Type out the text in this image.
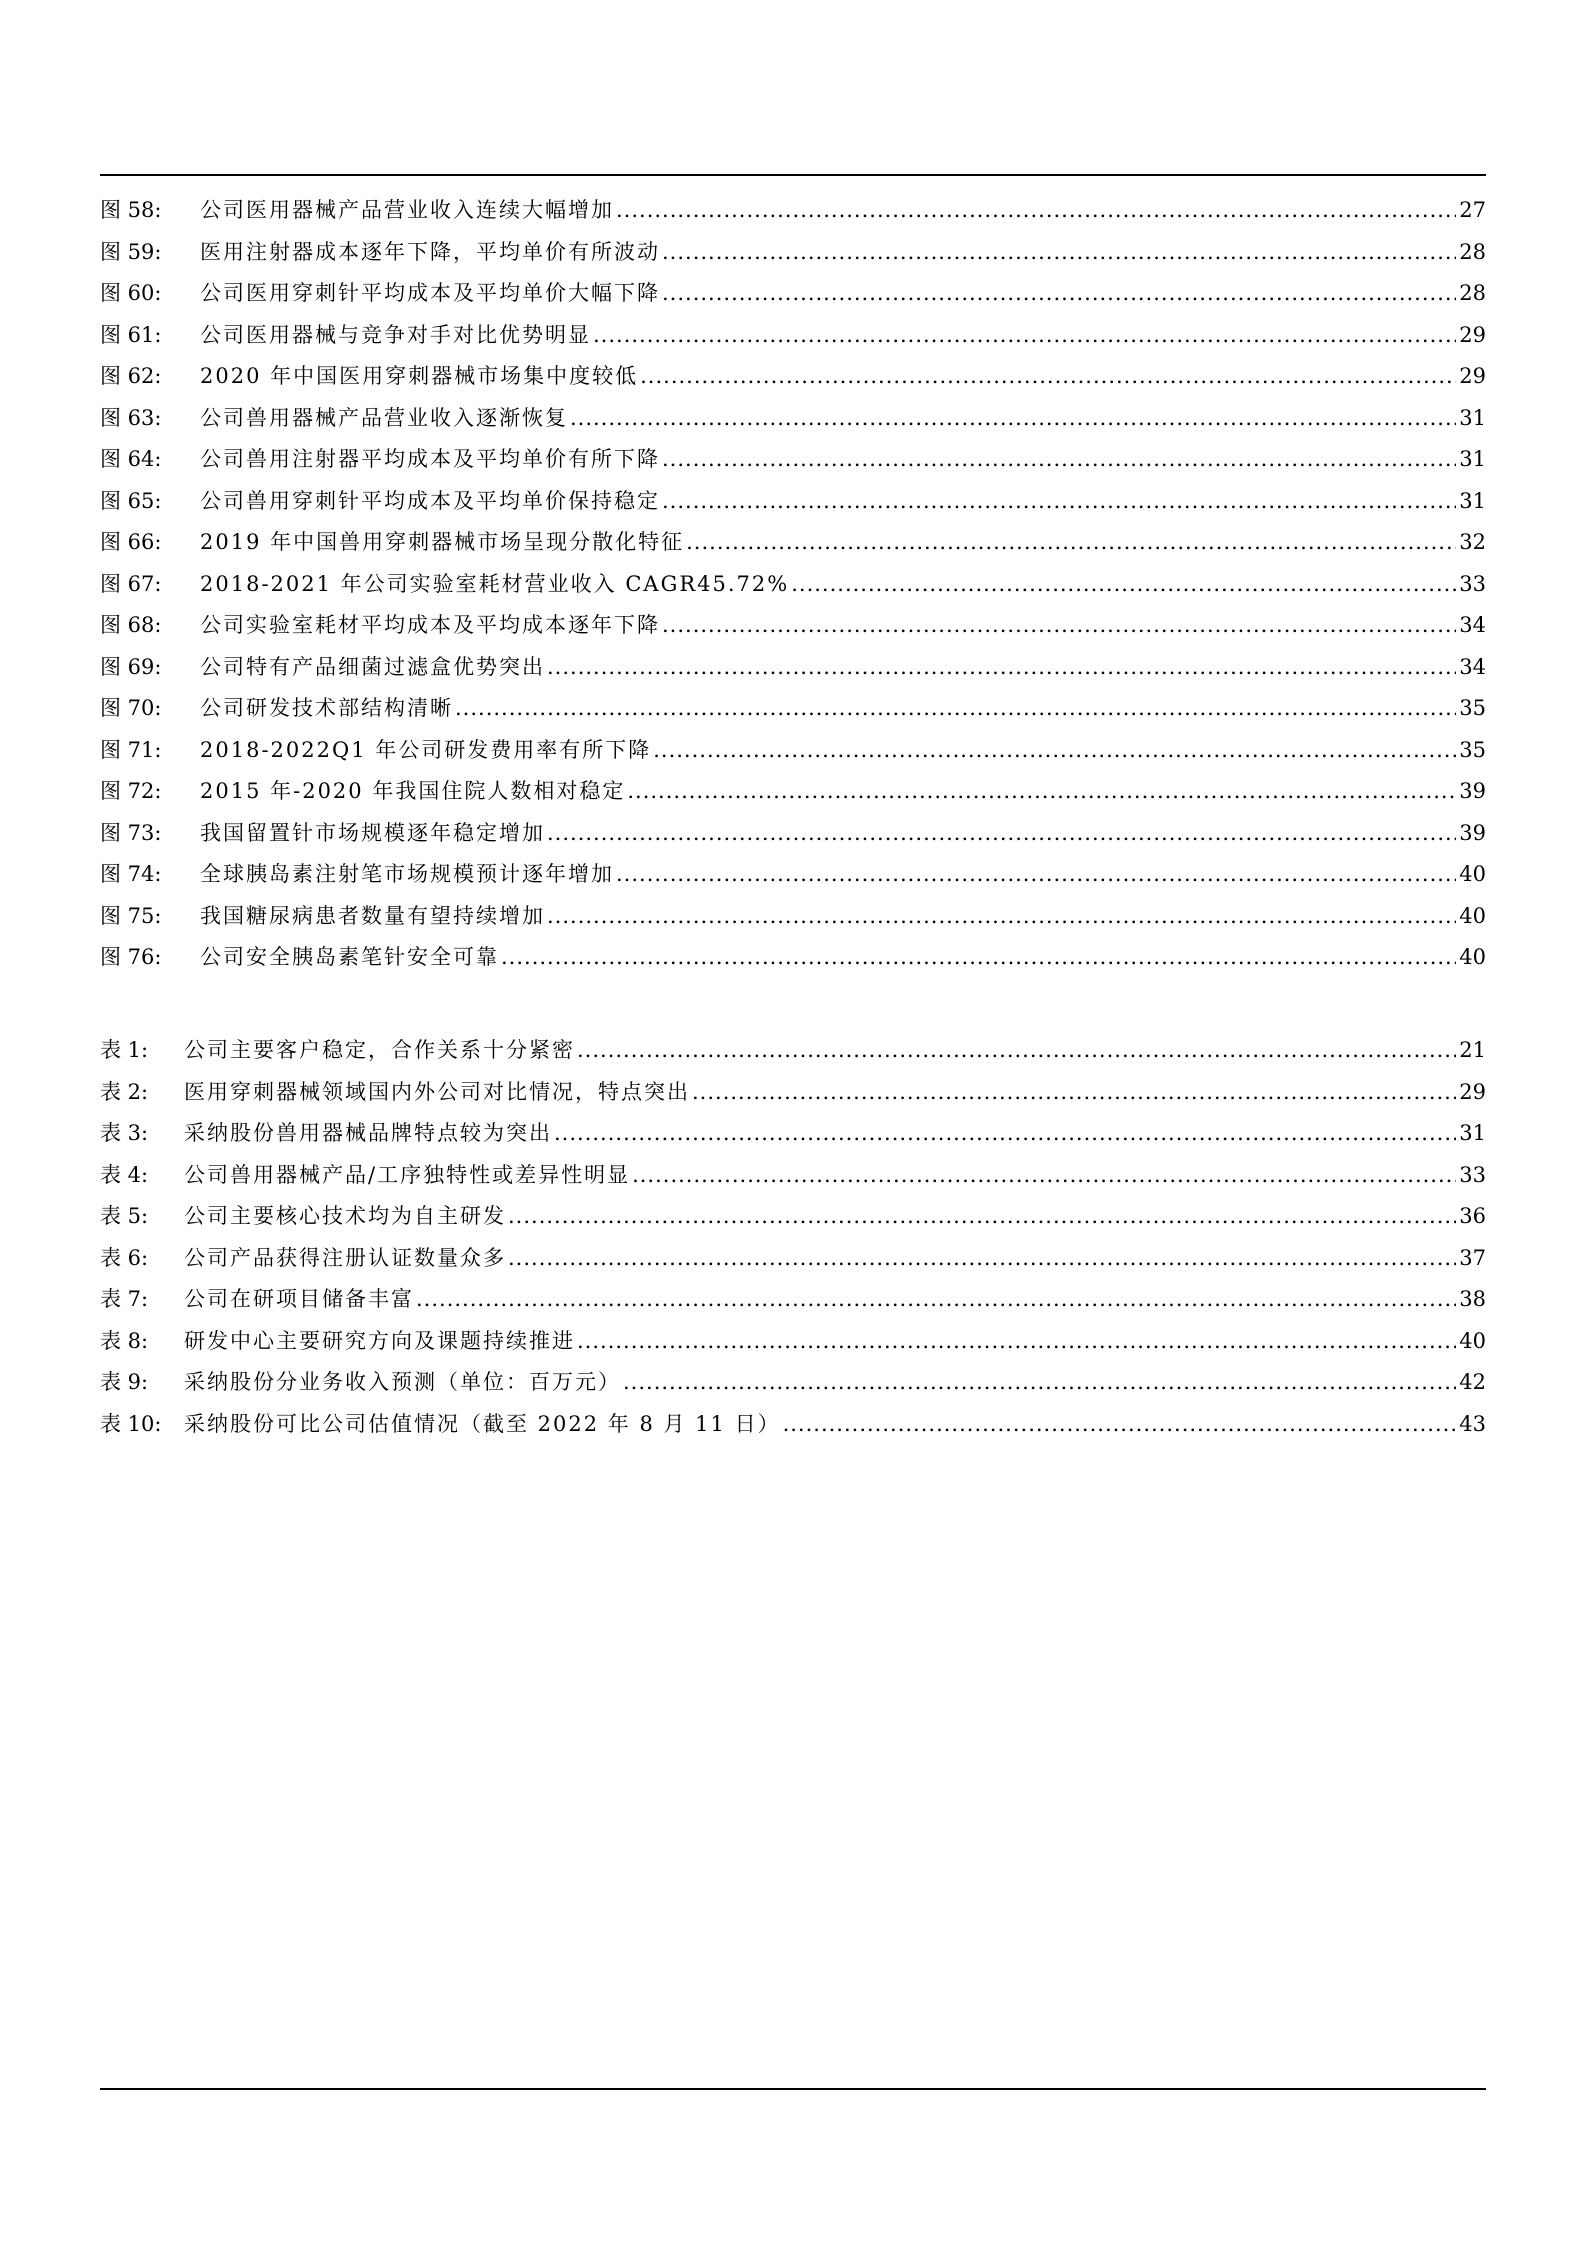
图 58:	公司医用器械产品营业收入连续大幅增加 .....	27
图 59:	医用注射器成本逐年下降，平均单价有所波动 .....	28
图 60:	公司医用穿刺针平均成本及平均单价大幅下降 .....	28
图 61:	公司医用器械与竞争对手对比优势明显 .....	29
图 62:	2020 年中国医用穿刺器械市场集中度较低 .....	29
图 63:	公司兽用器械产品营业收入逐渐恢复 .....	31
图 64:	公司兽用注射器平均成本及平均单价有所下降 .....	31
图 65:	公司兽用穿刺针平均成本及平均单价保持稳定 .....	31
图 66:	2019 年中国兽用穿刺器械市场呈现分散化特征 .....	32
图 67:	2018-2021 年公司实验室耗材营业收入 CAGR45.72% .....	33
图 68:	公司实验室耗材平均成本及平均成本逐年下降 .....	34
图 69:	公司特有产品细菌过滤盒优势突出 .....	34
图 70:	公司研发技术部结构清晰 .....	35
图 71:	2018-2022Q1 年公司研发费用率有所下降 .....	35
图 72:	2015 年-2020 年我国住院人数相对稳定 .....	39
图 73:	我国留置针市场规模逐年稳定增加 .....	39
图 74:	全球胰岛素注射笔市场规模预计逐年增加 .....	40
图 75:	我国糖尿病患者数量有望持续增加 .....	40
图 76:	公司安全胰岛素笔针安全可靠 .....	40
表 1:	公司主要客户稳定，合作关系十分紧密 .....	21
表 2:	医用穿刺器械领域国内外公司对比情况，特点突出 .....	29
表 3:	采纳股份兽用器械品牌特点较为突出 .....	31
表 4:	公司兽用器械产品/工序独特性或差异性明显 .....	33
表 5:	公司主要核心技术均为自主研发 .....	36
表 6:	公司产品获得注册认证数量众多 .....	37
表 7:	公司在研项目储备丰富 .....	38
表 8:	研发中心主要研究方向及课题持续推进 .....	40
表 9:	采纳股份分业务收入预测（单位：百万元） .....	42
表 10:	采纳股份可比公司估值情况（截至 2022 年 8 月 11 日） .....	43
